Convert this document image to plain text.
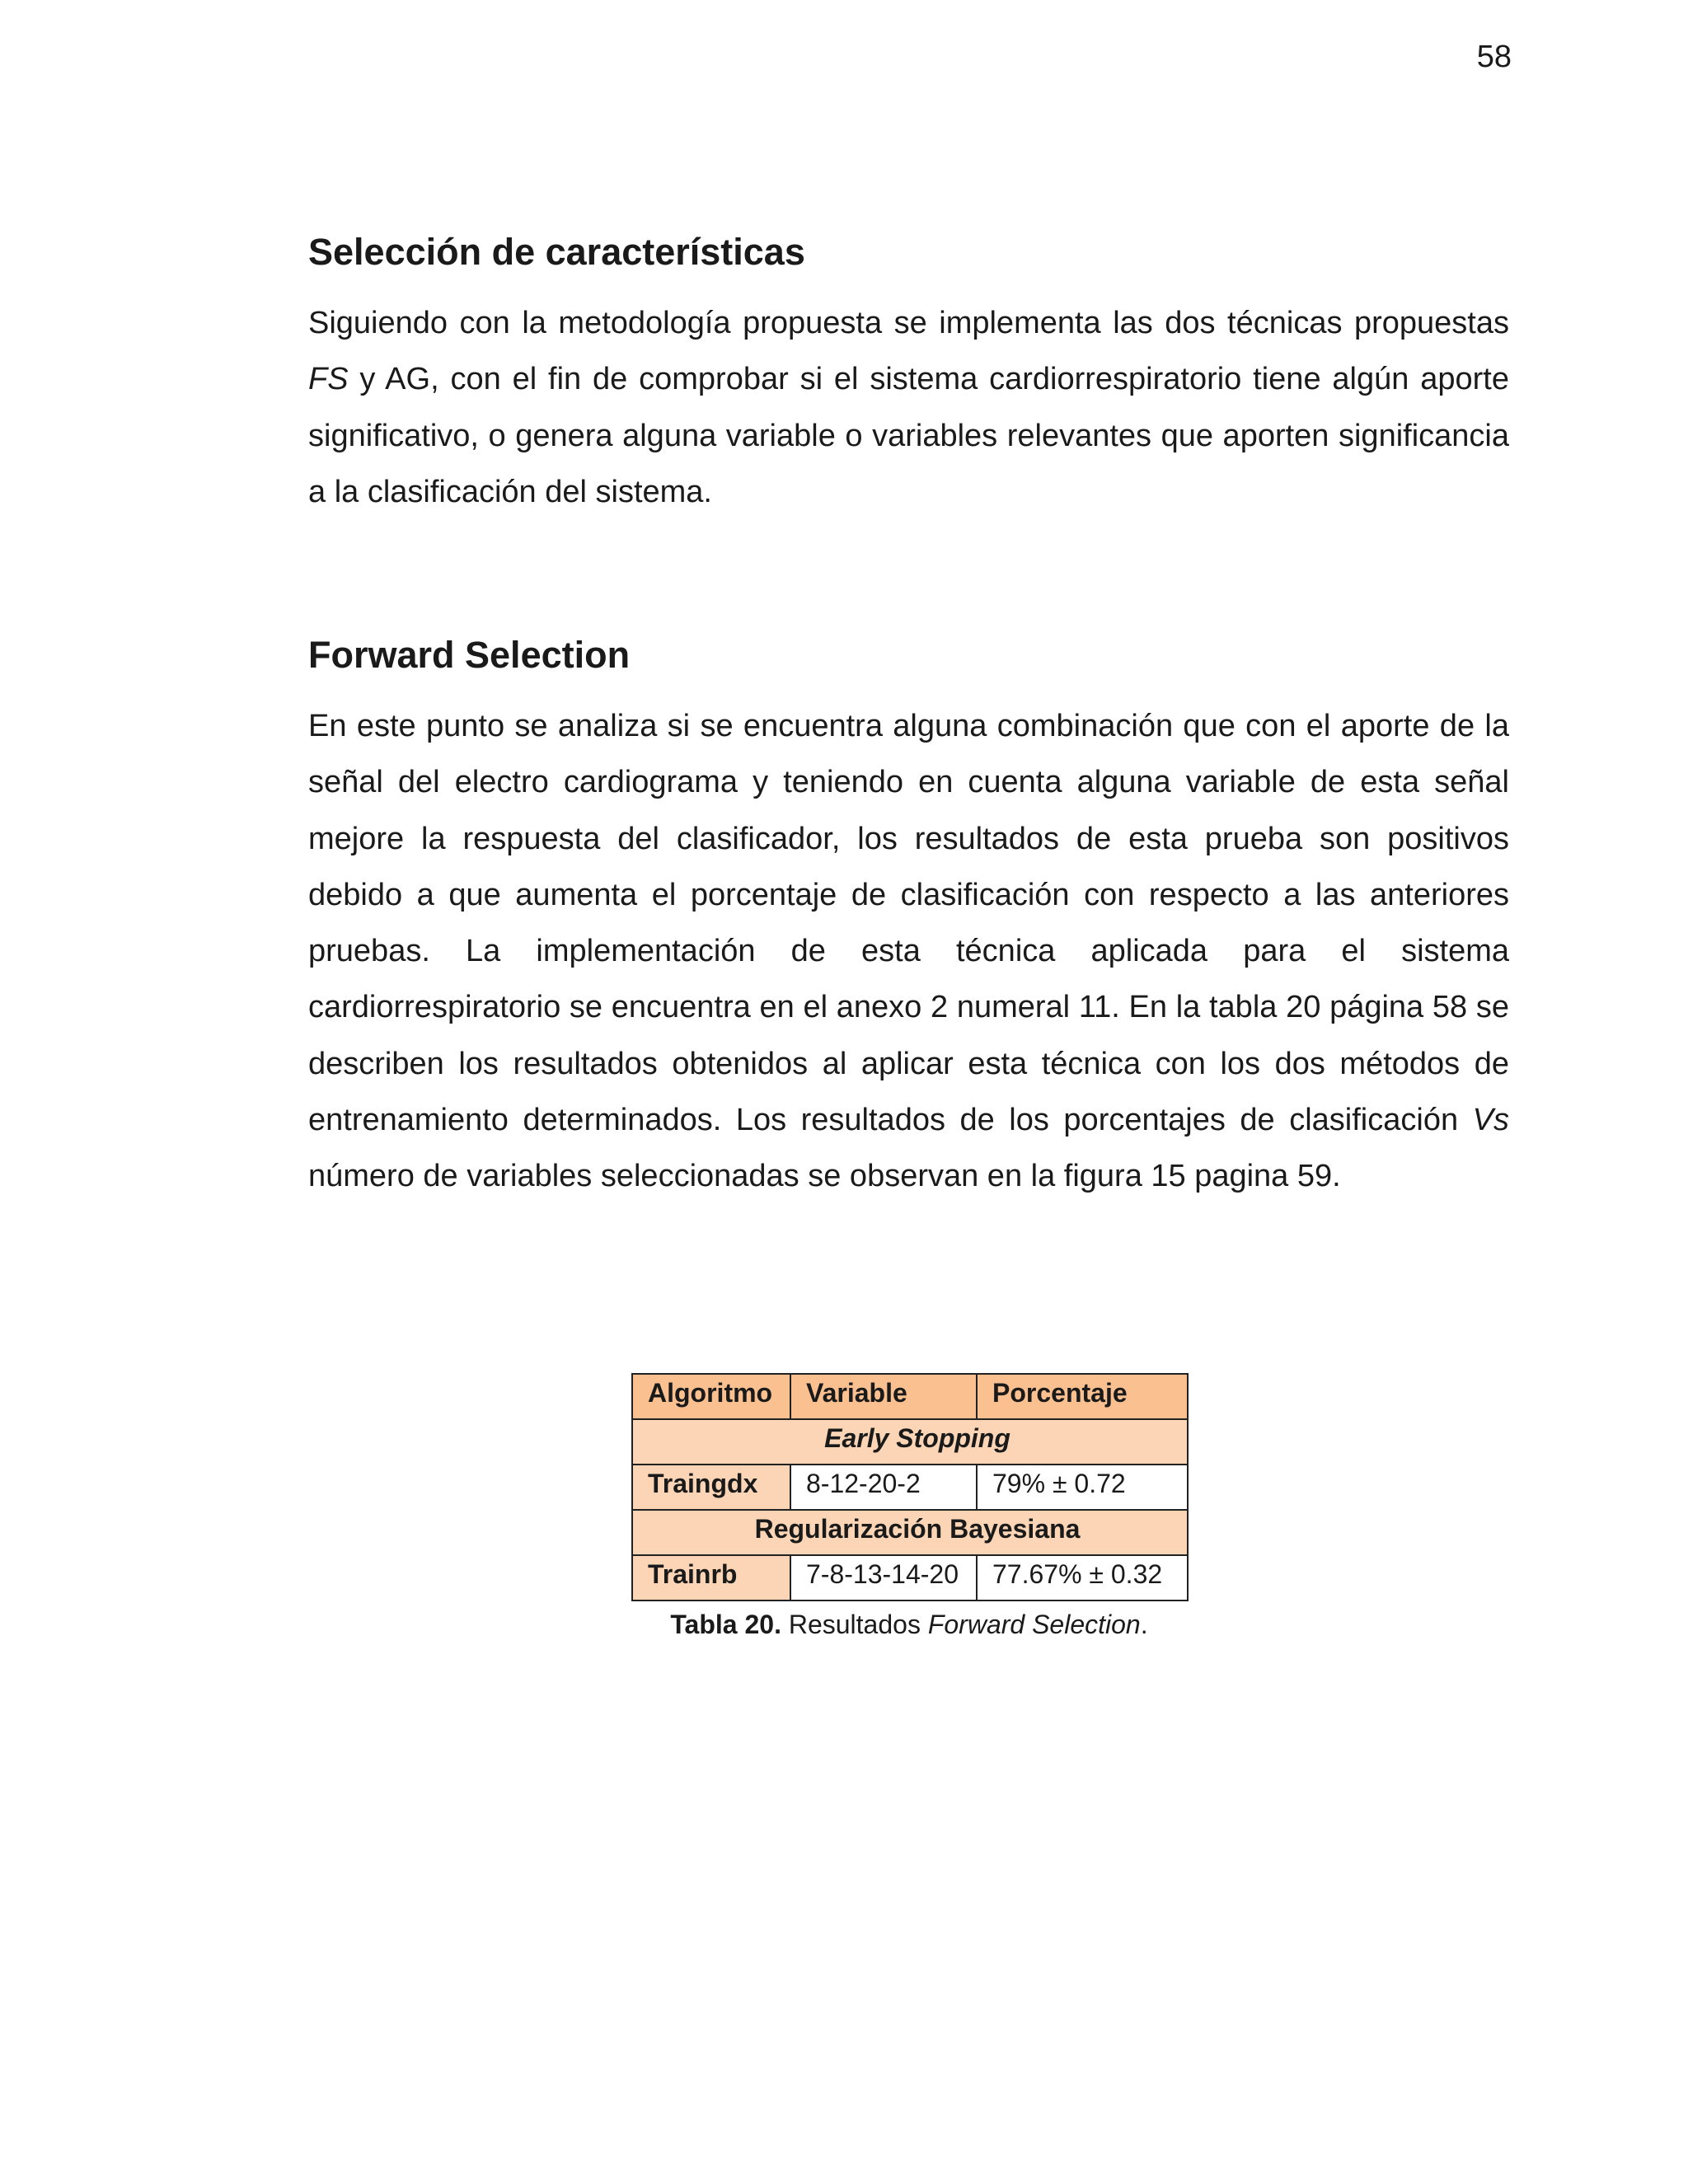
58
Selección de características

Siguiendo con la metodología propuesta se implementa las dos técnicas propuestas FS y AG, con el fin de comprobar si el sistema cardiorrespiratorio tiene algún aporte significativo, o genera alguna variable o variables relevantes que aporten significancia a la clasificación del sistema.

Forward Selection

En este punto se analiza si se encuentra alguna combinación que con el aporte de la señal del electro cardiograma y teniendo en cuenta alguna variable de esta señal mejore la respuesta del clasificador, los resultados de esta prueba son positivos debido a que aumenta el porcentaje de clasificación con respecto a las anteriores pruebas. La implementación de esta técnica aplicada para el sistema cardiorrespiratorio se encuentra en el anexo 2 numeral 11. En la tabla 20 página 58 se describen los resultados obtenidos al aplicar esta técnica con los dos métodos de entrenamiento determinados. Los resultados de los porcentajes de clasificación Vs número de variables seleccionadas se observan en la figura 15 pagina 59.

Algoritmo	Variable	Porcentaje
Early Stopping		
Traingdx	8-12-20-2	79% ± 0.72
Regularización Bayesiana		
Trainrb	7-8-13-14-20	77.67% ± 0.32
Tabla 20. Resultados Forward Selection.
